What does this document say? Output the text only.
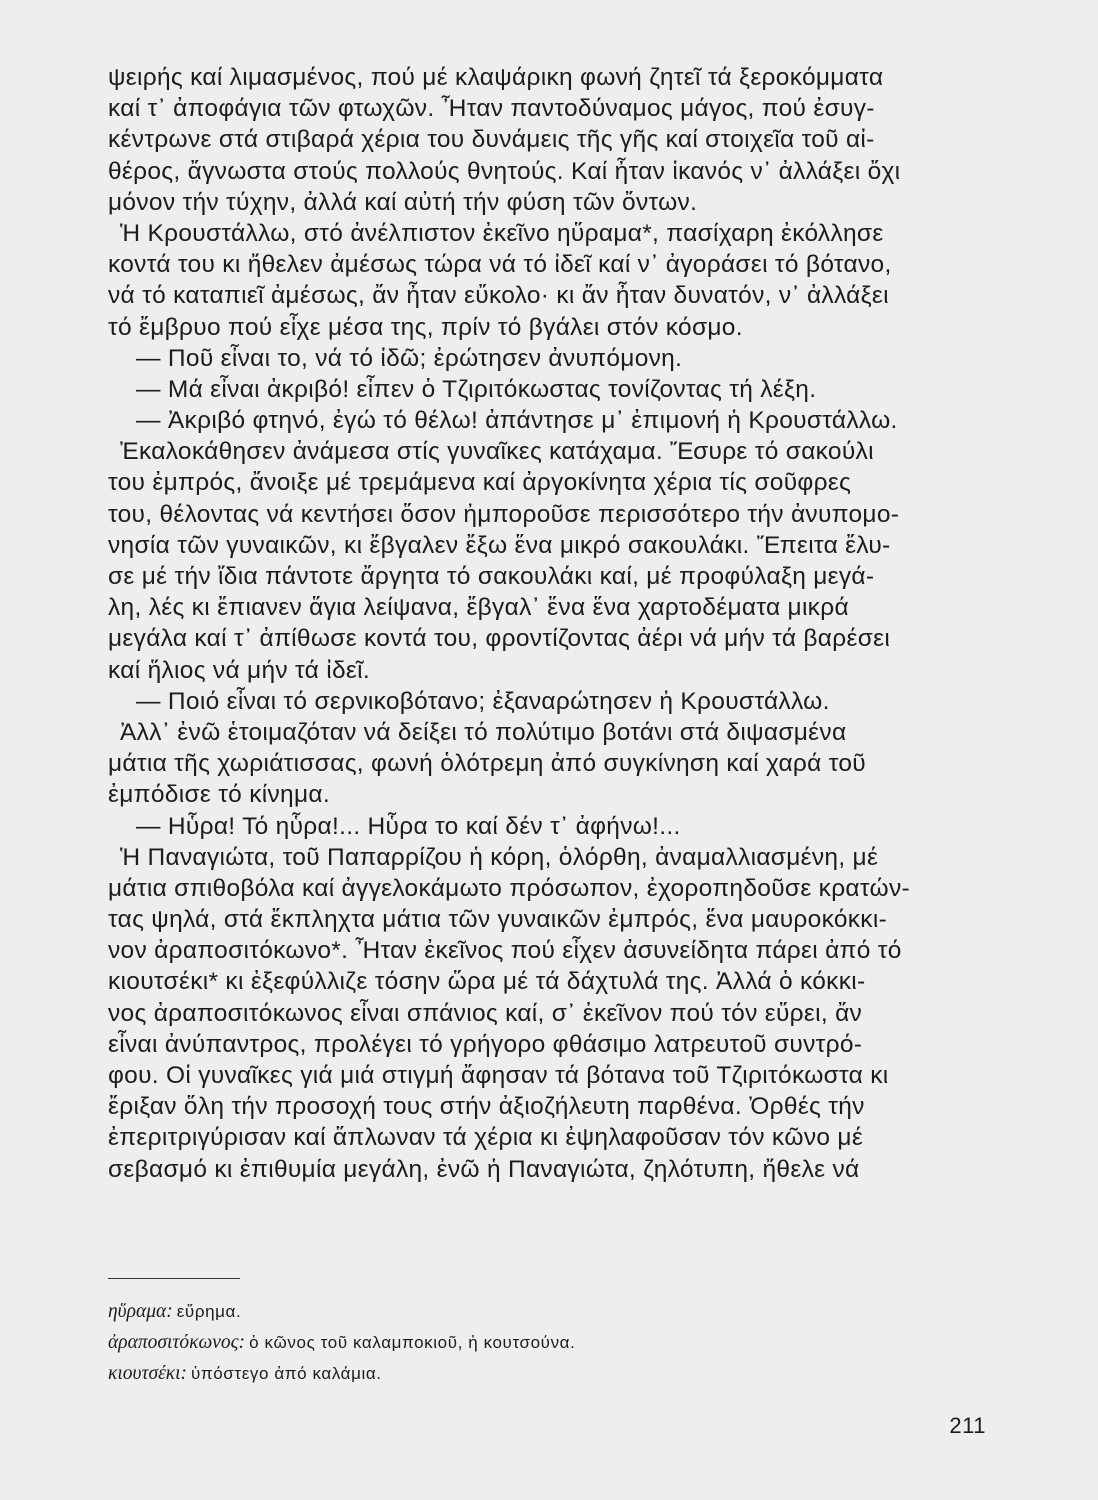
ψειρής καί λιμασμένος, πού μέ κλαψάρικη φωνή ζητεῖ τά ξεροκόμματα
καί τ᾽ ἀποφάγια τῶν φτωχῶν. Ἦταν παντοδύναμος μάγος, πού ἐσυγ-
κέντρωνε στά στιβαρά χέρια του δυνάμεις τῆς γῆς καί στοιχεῖα τοῦ αἰ-
θέρος, ἄγνωστα στούς πολλούς θνητούς. Καί ἦταν ἱκανός ν᾽ ἀλλάξει ὄχι
μόνον τήν τύχην, ἀλλά καί αὐτή τήν φύση τῶν ὄντων.
Ἡ Κρουστάλλω, στό ἀνέλπιστον ἐκεῖνο ηὕραμα*, πασίχαρη ἐκόλλησε
κοντά του κι ἤθελεν ἀμέσως τώρα νά τό ἰδεῖ καί ν᾽ ἀγοράσει τό βότανο,
νά τό καταπιεῖ ἀμέσως, ἄν ἦταν εὔκολο· κι ἄν ἦταν δυνατόν, ν᾽ ἀλλάξει
τό ἔμβρυο πού εἶχε μέσα της, πρίν τό βγάλει στόν κόσμο.
— Ποῦ εἶναι το, νά τό ἰδῶ; ἐρώτησεν ἀνυπόμονη.
— Μά εἶναι ἀκριβό! εἶπεν ὁ Τζιριτόκωστας τονίζοντας τή λέξη.
— Ἀκριβό φτηνό, ἐγώ τό θέλω! ἀπάντησε μ᾽ ἐπιμονή ἡ Κρουστάλλω.
Ἐκαλοκάθησεν ἀνάμεσα στίς γυναῖκες κατάχαμα. Ἔσυρε τό σακούλι
του ἐμπρός, ἄνοιξε μέ τρεμάμενα καί ἀργοκίνητα χέρια τίς σοῦφρες
του, θέλοντας νά κεντήσει ὅσον ἠμποροῦσε περισσότερο τήν ἀνυπομο-
νησία τῶν γυναικῶν, κι ἔβγαλεν ἔξω ἕνα μικρό σακουλάκι. Ἔπειτα ἔλυ-
σε μέ τήν ἴδια πάντοτε ἄργητα τό σακουλάκι καί, μέ προφύλαξη μεγά-
λη, λές κι ἔπιανεν ἅγια λείψανα, ἔβγαλ᾽ ἕνα ἕνα χαρτοδέματα μικρά
μεγάλα καί τ᾽ ἀπίθωσε κοντά του, φροντίζοντας ἀέρι νά μήν τά βαρέσει
καί ἥλιος νά μήν τά ἰδεῖ.
— Ποιό εἶναι τό σερνικοβότανο; ἐξαναρώτησεν ἡ Κρουστάλλω.
Ἀλλ᾽ ἐνῶ ἑτοιμαζόταν νά δείξει τό πολύτιμο βοτάνι στά διψασμένα
μάτια τῆς χωριάτισσας, φωνή ὁλότρεμη ἀπό συγκίνηση καί χαρά τοῦ
ἐμπόδισε τό κίνημα.
— Ηὗρα! Τό ηὗρα!... Ηὗρα το καί δέν τ᾽ ἀφήνω!...
Ἡ Παναγιώτα, τοῦ Παπαρρίζου ἡ κόρη, ὁλόρθη, ἀναμαλλιασμένη, μέ
μάτια σπιθοβόλα καί ἀγγελοκάμωτο πρόσωπον, ἐχοροπηδοῦσε κρατών-
τας ψηλά, στά ἔκπληχτα μάτια τῶν γυναικῶν ἐμπρός, ἕνα μαυροκόκκι-
νον ἀραποσιτόκωνο*. Ἦταν ἐκεῖνος πού εἶχεν ἀσυνείδητα πάρει ἀπό τό
κιουτσέκι* κι ἐξεφύλλιζε τόσην ὥρα μέ τά δάχτυλά της. Ἀλλά ὁ κόκκι-
νος ἀραποσιτόκωνος εἶναι σπάνιος καί, σ᾽ ἐκεῖνον πού τόν εὕρει, ἄν
εἶναι ἀνύπαντρος, προλέγει τό γρήγορο φθάσιμο λατρευτοῦ συντρό-
φου. Οἱ γυναῖκες γιά μιά στιγμή ἄφησαν τά βότανα τοῦ Τζιριτόκωστα κι
ἔριξαν ὅλη τήν προσοχή τους στήν ἀξιοζήλευτη παρθένα. Ὀρθές τήν
ἐπεριτριγύρισαν καί ἅπλωναν τά χέρια κι ἐψηλαφοῦσαν τόν κῶνο μέ
σεβασμό κι ἐπιθυμία μεγάλη, ἐνῶ ἡ Παναγιώτα, ζηλότυπη, ἤθελε νά
ηὕραμα: εὕρημα.
ἀραποσιτόκωνος: ὁ κῶνος τοῦ καλαμποκιοῦ, ἡ κουτσούνα.
κιουτσέκι: ὑπόστεγο ἀπό καλάμια.
211
